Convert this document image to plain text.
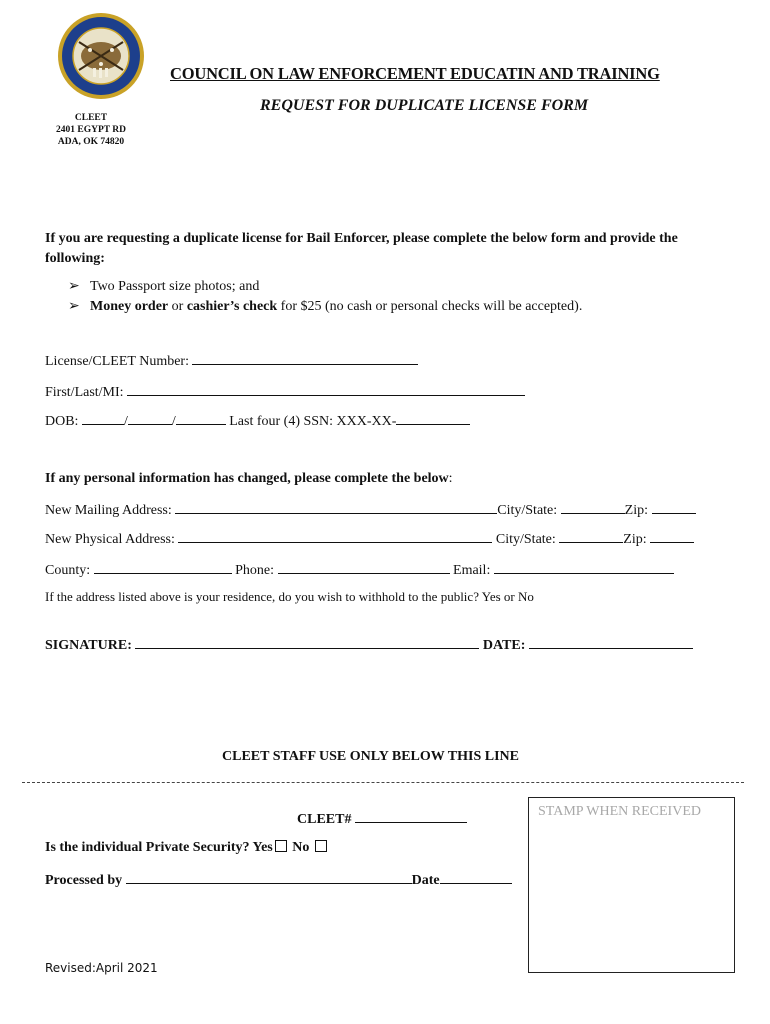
COUNCIL ON LAW ENFORCEMENT EDUCATIN AND TRAINING
REQUEST FOR DUPLICATE LICENSE FORM
CLEET
2401 EGYPT RD
ADA, OK 74820
If you are requesting a duplicate license for Bail Enforcer, please complete the below form and provide the following:
➢ Two Passport size photos; and
➢ Money order or cashier’s check for $25 (no cash or personal checks will be accepted).
License/CLEET Number:
First/Last/MI:
DOB:	/	/	Last four (4) SSN: XXX-XX-
If any personal information has changed, please complete the below:
New Mailing Address:	City/State:	Zip:
New Physical Address:	City/State:	Zip:
County:	Phone:	Email:
If the address listed above is your residence, do you wish to withhold to the public? Yes or No
SIGNATURE:	DATE:
CLEET STAFF USE ONLY BELOW THIS LINE
CLEET#
Is the individual Private Security? Yes No
Processed by	Date
STAMP WHEN RECEIVED
Revised:April 2021
